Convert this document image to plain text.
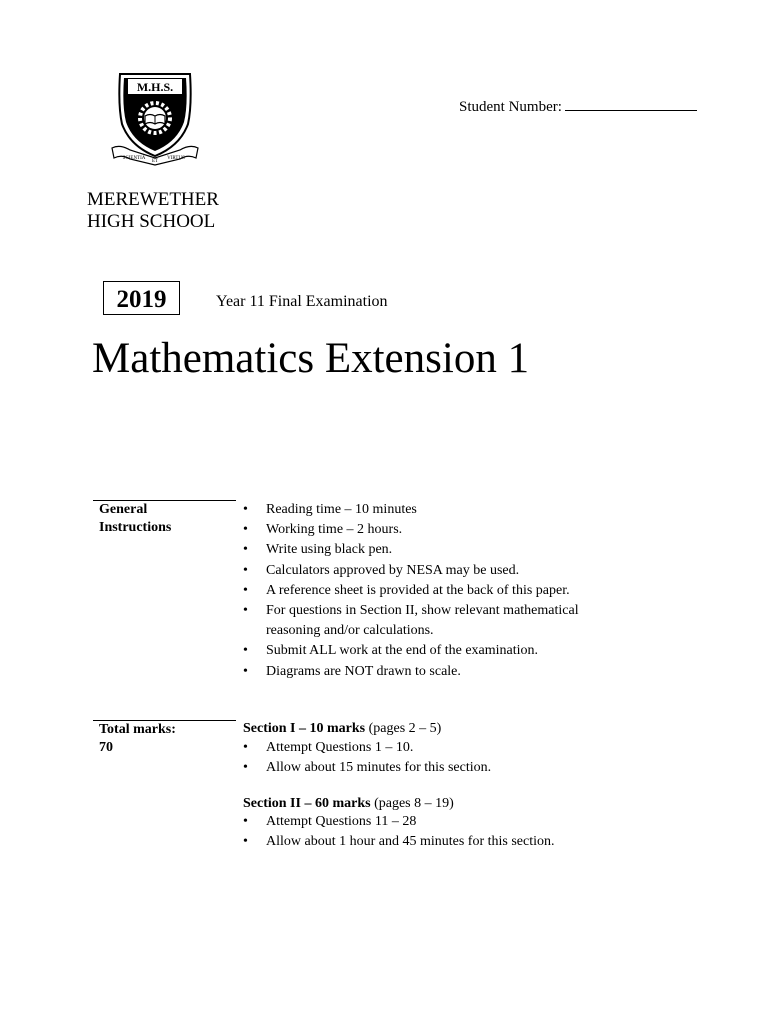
M.H.S.
SCIENTIA
ET
VIRTUS
Student Number:
MEREWETHER
HIGH SCHOOL
2019	Year 11 Final Examination
Mathematics Extension 1
General
Instructions
• Reading time – 10 minutes
• Working time – 2 hours.
• Write using black pen.
• Calculators approved by NESA may be used.
• A reference sheet is provided at the back of this paper.
• For questions in Section II, show relevant mathematical
reasoning and/or calculations.
• Submit ALL work at the end of the examination.
• Diagrams are NOT drawn to scale.
Total marks:
70
Section I – 10 marks (pages 2 – 5)
• Attempt Questions 1 – 10.
• Allow about 15 minutes for this section.
Section II – 60 marks (pages 8 – 19)
• Attempt Questions 11 – 28
• Allow about 1 hour and 45 minutes for this section.
